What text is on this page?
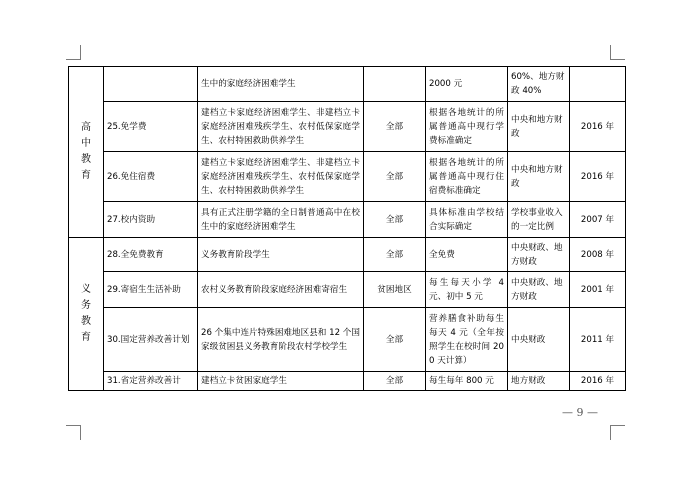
高
中
教
育		生中的家庭经济困难学生		2000 元	60%、地方财政 40%	
	25.免学费	建档立卡家庭经济困难学生、非建档立卡家庭经济困难残疾学生、农村低保家庭学生、农村特困救助供养学生	全部	根据各地统计的所属普通高中现行学费标准确定	中央和地方财政	2016 年
	26.免住宿费	建档立卡家庭经济困难学生、非建档立卡家庭经济困难残疾学生、农村低保家庭学生、农村特困救助供养学生	全部	根据各地统计的所属普通高中现行住宿费标准确定	中央和地方财政	2016 年
	27.校内资助	具有正式注册学籍的全日制普通高中在校生中的家庭经济困难学生	全部	具体标准由学校结合实际确定	学校事业收入的一定比例	2007 年

义
务
教
育	28.全免费教育	义务教育阶段学生	全部	全免费	中央财政、地方财政	2008 年
	29.寄宿生生活补助	农村义务教育阶段家庭经济困难寄宿生	贫困地区	每生每天小学 4 元、初中 5 元	中央财政、地方财政	2001 年
	30.国定营养改善计划	26 个集中连片特殊困难地区县和 12 个国家级贫困县义务教育阶段农村学校学生	全部	营养膳食补助每生每天 4 元（全年按照学生在校时间 200 天计算）	中央财政	2011 年
	31.省定营养改善计	建档立卡贫困家庭学生	全部	每生每年 800 元	地方财政	2016 年
— 9 —
